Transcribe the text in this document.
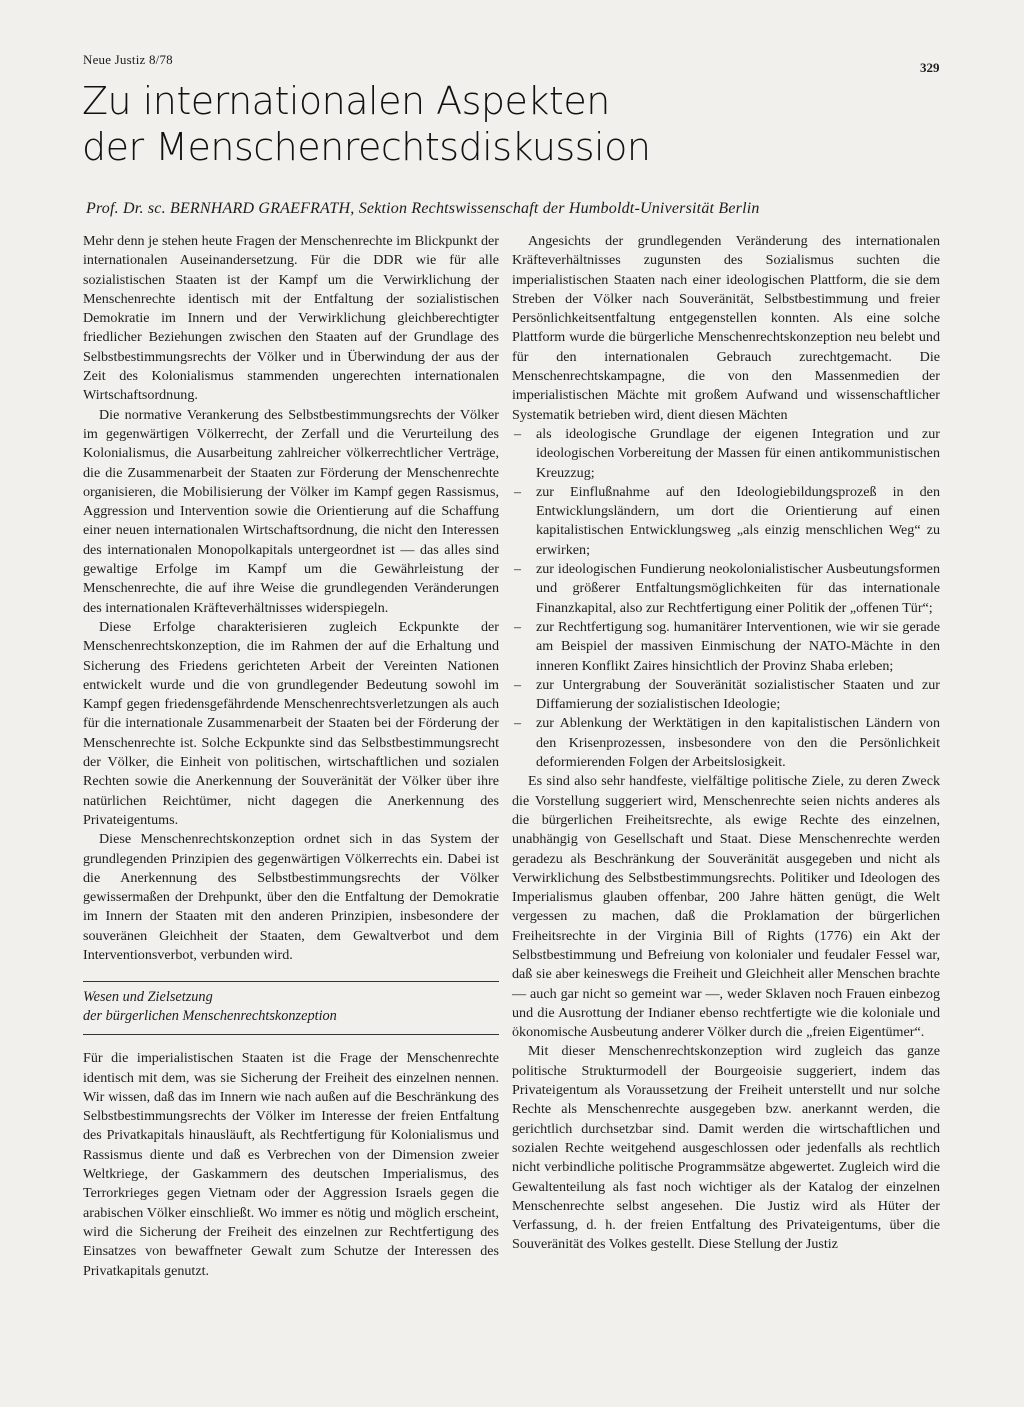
Neue Justiz 8/78
329
Zu internationalen Aspekten
der Menschenrechtsdiskussion
Prof. Dr. sc. BERNHARD GRAEFRATH, Sektion Rechtswissenschaft der Humboldt-Universität Berlin

Mehr denn je stehen heute Fragen der Menschenrechte im Blickpunkt der internationalen Auseinandersetzung. Für die DDR wie für alle sozialistischen Staaten ist der Kampf um die Verwirklichung der Menschenrechte identisch mit der Entfaltung der sozialistischen Demokratie im Innern und der Verwirklichung gleichberechtigter friedlicher Beziehungen zwischen den Staaten auf der Grundlage des Selbstbestimmungsrechts der Völker und in Überwindung der aus der Zeit des Kolonialismus stammenden ungerechten internationalen Wirtschaftsordnung.

Die normative Verankerung des Selbstbestimmungsrechts der Völker im gegenwärtigen Völkerrecht, der Zerfall und die Verurteilung des Kolonialismus, die Ausarbeitung zahlreicher völkerrechtlicher Verträge, die die Zusammenarbeit der Staaten zur Förderung der Menschenrechte organisieren, die Mobilisierung der Völker im Kampf gegen Rassismus, Aggression und Intervention sowie die Orientierung auf die Schaffung einer neuen internationalen Wirtschaftsordnung, die nicht den Interessen des internationalen Monopolkapitals untergeordnet ist — das alles sind gewaltige Erfolge im Kampf um die Gewährleistung der Menschenrechte, die auf ihre Weise die grundlegenden Veränderungen des internationalen Kräfteverhältnisses widerspiegeln.

Diese Erfolge charakterisieren zugleich Eckpunkte der Menschenrechtskonzeption, die im Rahmen der auf die Erhaltung und Sicherung des Friedens gerichteten Arbeit der Vereinten Nationen entwickelt wurde und die von grundlegender Bedeutung sowohl im Kampf gegen friedensgefährdende Menschenrechtsverletzungen als auch für die internationale Zusammenarbeit der Staaten bei der Förderung der Menschenrechte ist. Solche Eckpunkte sind das Selbstbestimmungsrecht der Völker, die Einheit von politischen, wirtschaftlichen und sozialen Rechten sowie die Anerkennung der Souveränität der Völker über ihre natürlichen Reichtümer, nicht dagegen die Anerkennung des Privateigentums.

Diese Menschenrechtskonzeption ordnet sich in das System der grundlegenden Prinzipien des gegenwärtigen Völkerrechts ein. Dabei ist die Anerkennung des Selbstbestimmungsrechts der Völker gewissermaßen der Drehpunkt, über den die Entfaltung der Demokratie im Innern der Staaten mit den anderen Prinzipien, insbesondere der souveränen Gleichheit der Staaten, dem Gewaltverbot und dem Interventionsverbot, verbunden wird.

Wesen und Zielsetzung
der bürgerlichen Menschenrechtskonzeption

Für die imperialistischen Staaten ist die Frage der Menschenrechte identisch mit dem, was sie Sicherung der Freiheit des einzelnen nennen. Wir wissen, daß das im Innern wie nach außen auf die Beschränkung des Selbstbestimmungsrechts der Völker im Interesse der freien Entfaltung des Privatkapitals hinausläuft, als Rechtfertigung für Kolonialismus und Rassismus diente und daß es Verbrechen von der Dimension zweier Weltkriege, der Gaskammern des deutschen Imperialismus, des Terrorkrieges gegen Vietnam oder der Aggression Israels gegen die arabischen Völker einschließt. Wo immer es nötig und möglich erscheint, wird die Sicherung der Freiheit des einzelnen zur Rechtfertigung des Einsatzes von bewaffneter Gewalt zum Schutze der Interessen des Privatkapitals genutzt.

Angesichts der grundlegenden Veränderung des internationalen Kräfteverhältnisses zugunsten des Sozialismus suchten die imperialistischen Staaten nach einer ideologischen Plattform, die sie dem Streben der Völker nach Souveränität, Selbstbestimmung und freier Persönlichkeitsentfaltung entgegenstellen konnten. Als eine solche Plattform wurde die bürgerliche Menschenrechtskonzeption neu belebt und für den internationalen Gebrauch zurechtgemacht. Die Menschenrechtskampagne, die von den Massenmedien der imperialistischen Mächte mit großem Aufwand und wissenschaftlicher Systematik betrieben wird, dient diesen Mächten

– als ideologische Grundlage der eigenen Integration und zur ideologischen Vorbereitung der Massen für einen antikommunistischen Kreuzzug;
– zur Einflußnahme auf den Ideologiebildungsprozeß in den Entwicklungsländern, um dort die Orientierung auf einen kapitalistischen Entwicklungsweg „als einzig menschlichen Weg“ zu erwirken;
– zur ideologischen Fundierung neokolonialistischer Ausbeutungsformen und größerer Entfaltungsmöglichkeiten für das internationale Finanzkapital, also zur Rechtfertigung einer Politik der „offenen Tür“;
– zur Rechtfertigung sog. humanitärer Interventionen, wie wir sie gerade am Beispiel der massiven Einmischung der NATO-Mächte in den inneren Konflikt Zaires hinsichtlich der Provinz Shaba erleben;
– zur Untergrabung der Souveränität sozialistischer Staaten und zur Diffamierung der sozialistischen Ideologie;
– zur Ablenkung der Werktätigen in den kapitalistischen Ländern von den Krisenprozessen, insbesondere von den die Persönlichkeit deformierenden Folgen der Arbeitslosigkeit.

Es sind also sehr handfeste, vielfältige politische Ziele, zu deren Zweck die Vorstellung suggeriert wird, Menschenrechte seien nichts anderes als die bürgerlichen Freiheitsrechte, als ewige Rechte des einzelnen, unabhängig von Gesellschaft und Staat. Diese Menschenrechte werden geradezu als Beschränkung der Souveränität ausgegeben und nicht als Verwirklichung des Selbstbestimmungsrechts. Politiker und Ideologen des Imperialismus glauben offenbar, 200 Jahre hätten genügt, die Welt vergessen zu machen, daß die Proklamation der bürgerlichen Freiheitsrechte in der Virginia Bill of Rights (1776) ein Akt der Selbstbestimmung und Befreiung von kolonialer und feudaler Fessel war, daß sie aber keineswegs die Freiheit und Gleichheit aller Menschen brachte — auch gar nicht so gemeint war —, weder Sklaven noch Frauen einbezog und die Ausrottung der Indianer ebenso rechtfertigte wie die koloniale und ökonomische Ausbeutung anderer Völker durch die „freien Eigentümer“.

Mit dieser Menschenrechtskonzeption wird zugleich das ganze politische Strukturmodell der Bourgeoisie suggeriert, indem das Privateigentum als Voraussetzung der Freiheit unterstellt und nur solche Rechte als Menschenrechte ausgegeben bzw. anerkannt werden, die gerichtlich durchsetzbar sind. Damit werden die wirtschaftlichen und sozialen Rechte weitgehend ausgeschlossen oder jedenfalls als rechtlich nicht verbindliche politische Programmsätze abgewertet. Zugleich wird die Gewaltenteilung als fast noch wichtiger als der Katalog der einzelnen Menschenrechte selbst angesehen. Die Justiz wird als Hüter der Verfassung, d. h. der freien Entfaltung des Privateigentums, über die Souveränität des Volkes gestellt. Diese Stellung der Justiz
